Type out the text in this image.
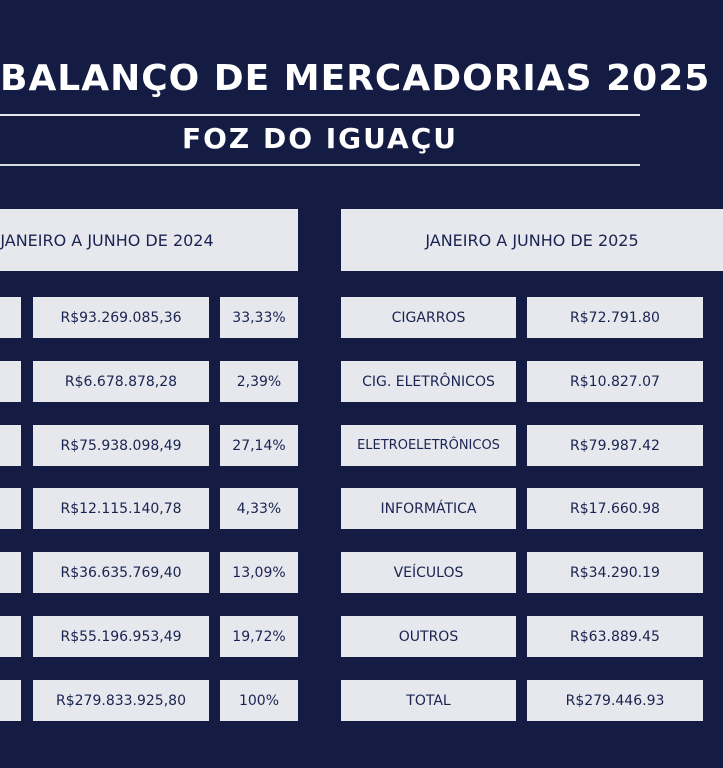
BALANÇO DE MERCADORIAS 2025
FOZ DO IGUAÇU
JANEIRO A JUNHO DE 2024
R$93.269.085,36	33,33%
R$6.678.878,28	2,39%
R$75.938.098,49	27,14%
R$12.115.140,78	4,33%
R$36.635.769,40	13,09%
R$55.196.953,49	19,72%
R$279.833.925,80	100%
JANEIRO A JUNHO DE 2025
CIGARROS	R$72.791.80
CIG. ELETRÔNICOS	R$10.827.07
ELETROELETRÔNICOS	R$79.987.42
INFORMÁTICA	R$17.660.98
VEÍCULOS	R$34.290.19
OUTROS	R$63.889.45
TOTAL	R$279.446.93
